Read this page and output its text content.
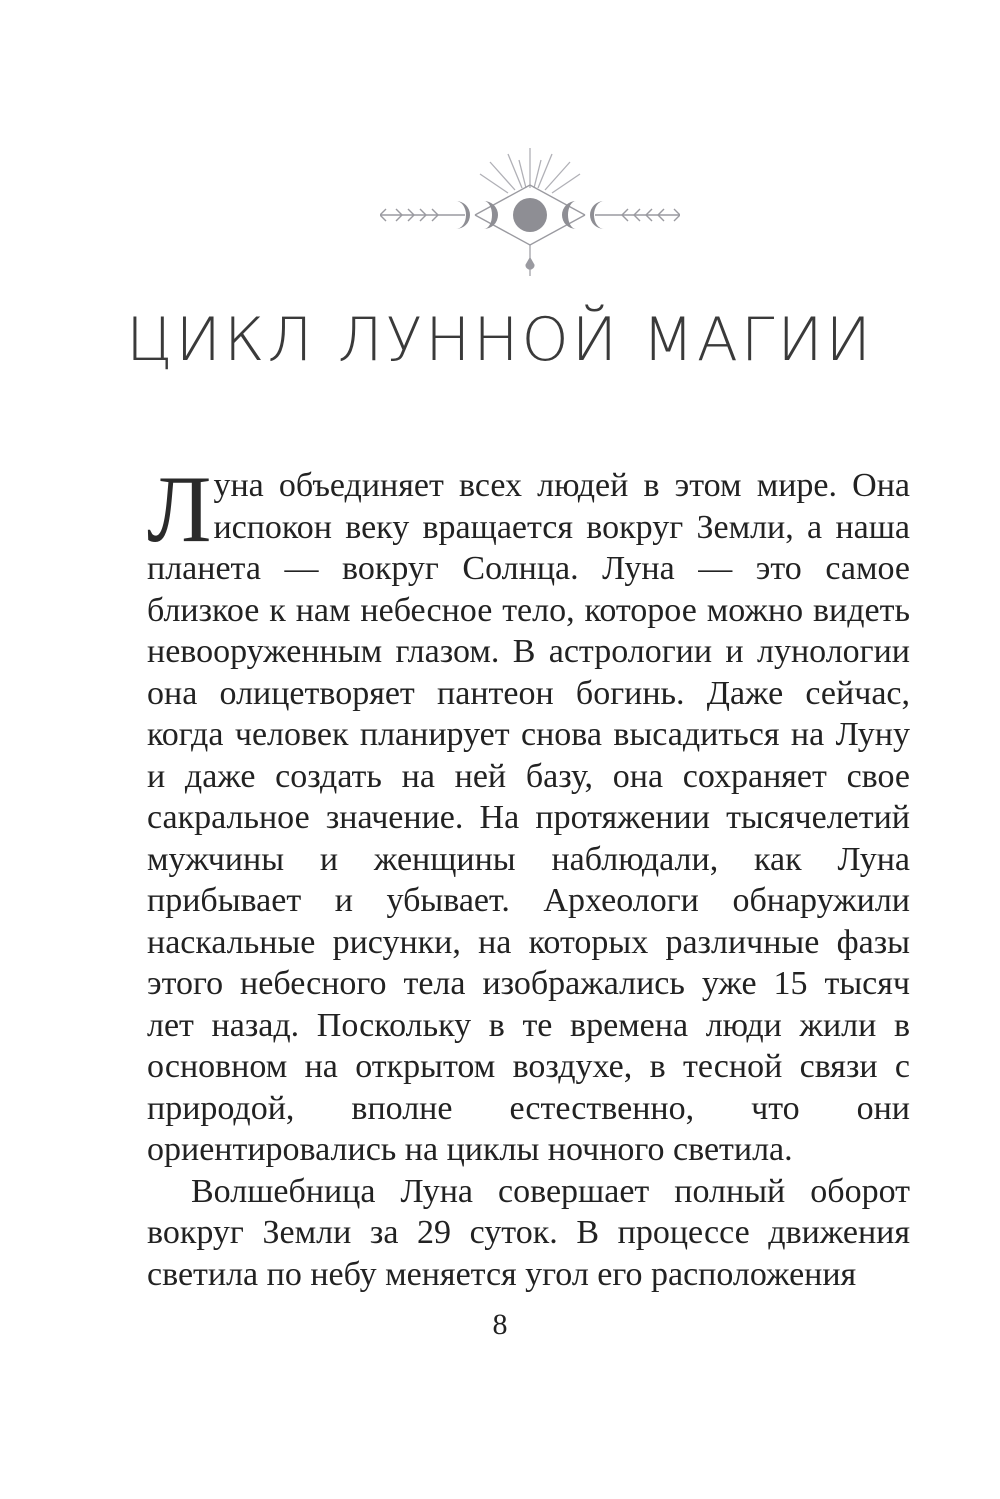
ЦИКЛ ЛУННОЙ МАГИИ

Луна объединяет всех людей в этом мире. Она испокон веку вращается вокруг Земли, а наша планета — вокруг Солнца. Луна — это самое близкое к нам небесное тело, которое можно видеть невооруженным глазом. В астрологии и лунологии она олицетворяет пантеон богинь. Даже сейчас, когда человек планирует снова высадиться на Луну и даже создать на ней базу, она сохраняет свое сакральное значение. На протяжении тысячелетий мужчины и женщины наблюдали, как Луна прибывает и убывает. Археологи обнаружили наскальные рисунки, на которых различные фазы этого небесного тела изображались уже 15 тысяч лет назад. Поскольку в те времена люди жили в основном на открытом воздухе, в тесной связи с природой, вполне естественно, что они ориентировались на циклы ночного светила.

Волшебница Луна совершает полный оборот вокруг Земли за 29 суток. В процессе движения светила по небу меняется угол его расположения

8
